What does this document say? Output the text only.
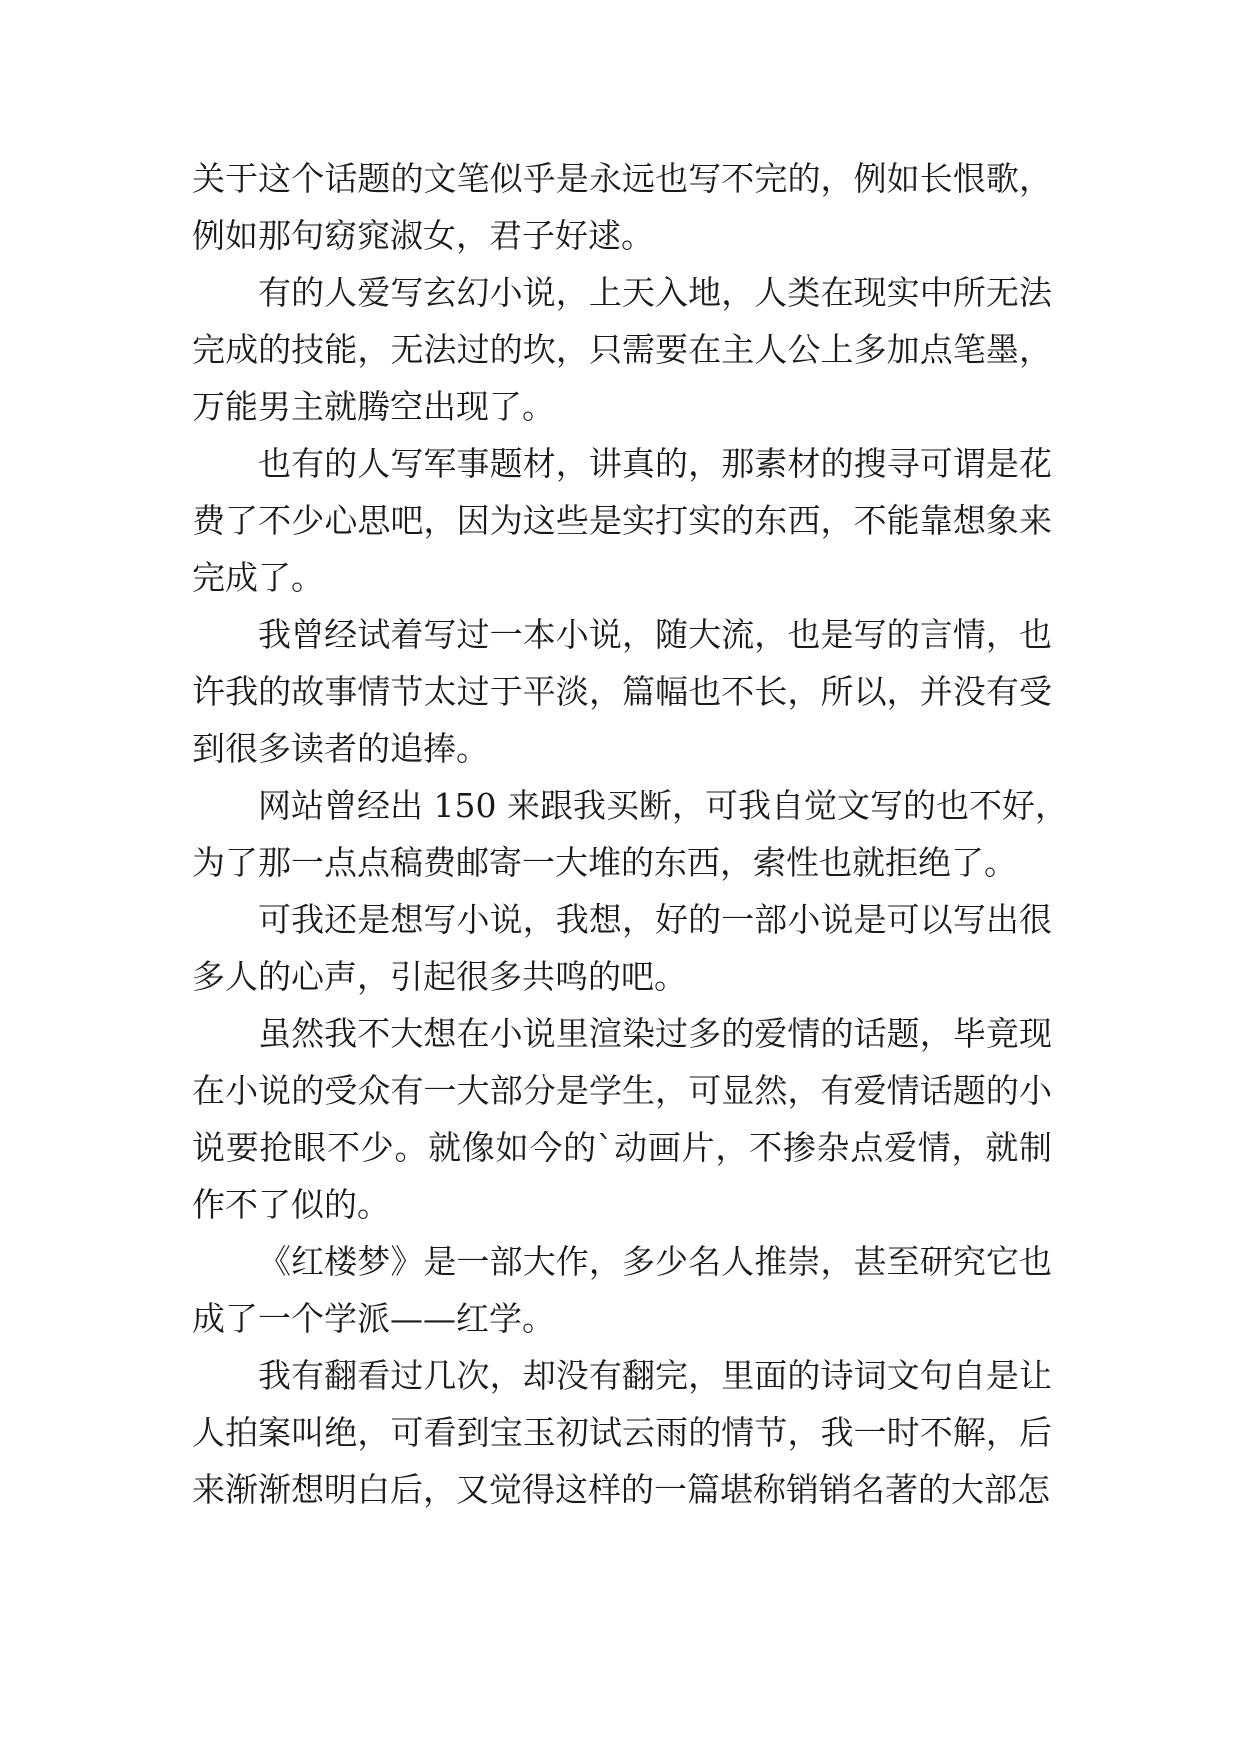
关于这个话题的文笔似乎是永远也写不完的，例如长恨歌，
例如那句窈窕淑女，君子好逑。
有的人爱写玄幻小说，上天入地，人类在现实中所无法
完成的技能，无法过的坎，只需要在主人公上多加点笔墨，
万能男主就腾空出现了。
也有的人写军事题材，讲真的，那素材的搜寻可谓是花
费了不少心思吧，因为这些是实打实的东西，不能靠想象来
完成了。
我曾经试着写过一本小说，随大流，也是写的言情，也
许我的故事情节太过于平淡，篇幅也不长，所以，并没有受
到很多读者的追捧。
网站曾经出 150 来跟我买断，可我自觉文写的也不好，
为了那一点点稿费邮寄一大堆的东西，索性也就拒绝了。
可我还是想写小说，我想，好的一部小说是可以写出很
多人的心声，引起很多共鸣的吧。
虽然我不大想在小说里渲染过多的爱情的话题，毕竟现
在小说的受众有一大部分是学生，可显然，有爱情话题的小
说要抢眼不少。就像如今的`动画片，不掺杂点爱情，就制
作不了似的。
《红楼梦》是一部大作，多少名人推崇，甚至研究它也
成了一个学派——红学。
我有翻看过几次，却没有翻完，里面的诗词文句自是让
人拍案叫绝，可看到宝玉初试云雨的情节，我一时不解，后
来渐渐想明白后，又觉得这样的一篇堪称销销名著的大部怎
